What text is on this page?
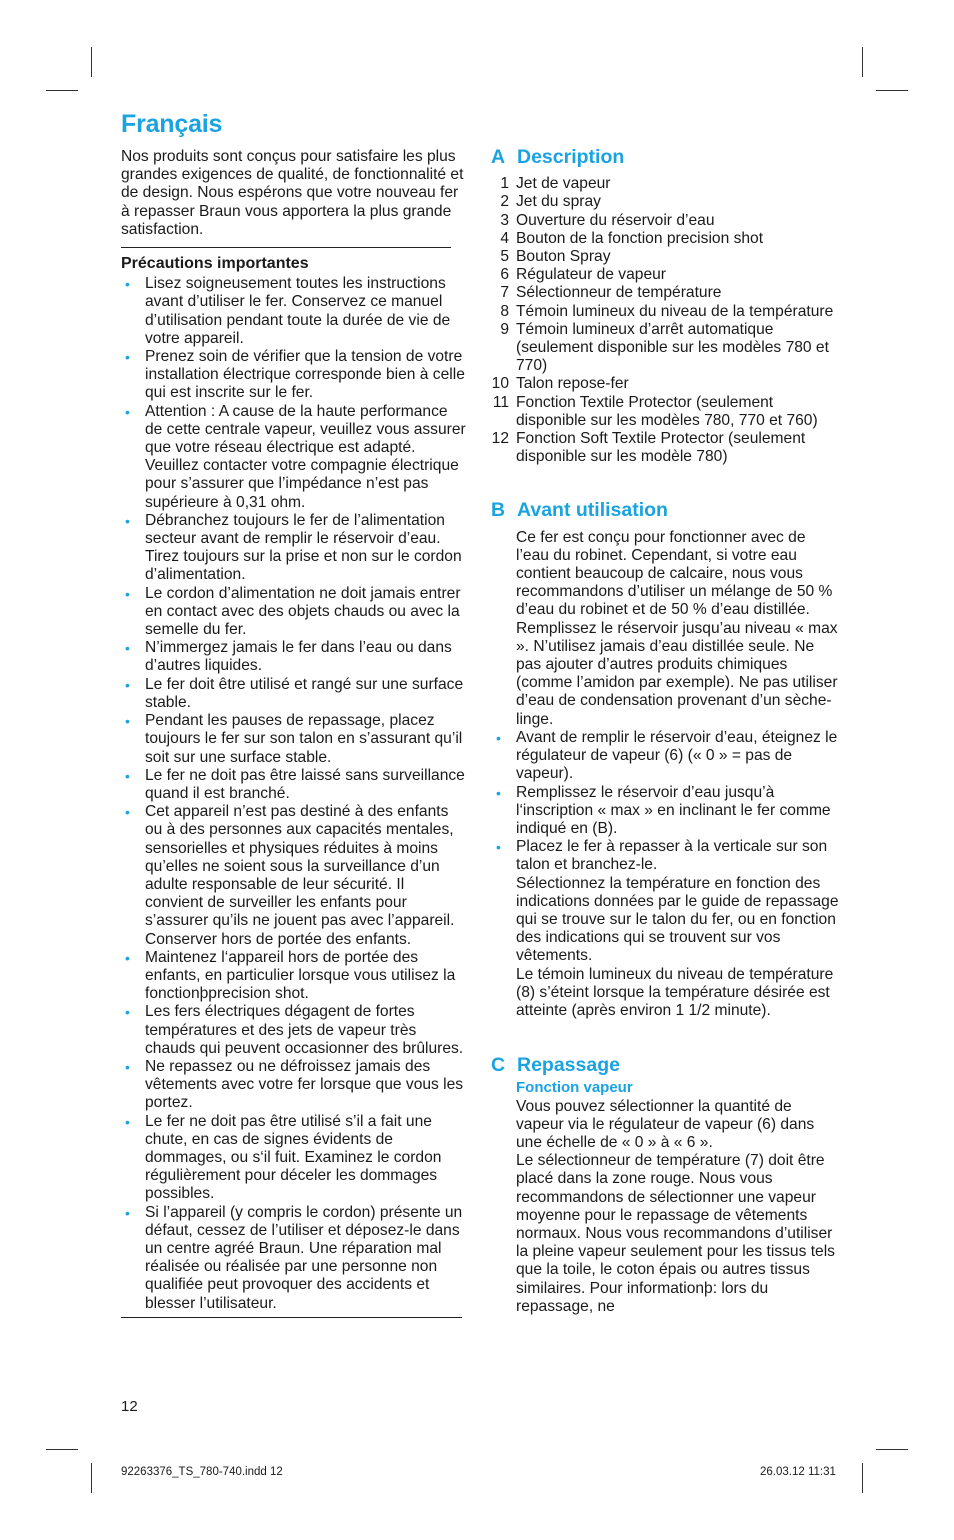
Français

Nos produits sont conçus pour satisfaire les plus grandes exigences de qualité, de fonctionnalité et de design. Nous espérons que votre nouveau fer à repasser Braun vous apportera la plus grande satisfaction.

Précautions importantes
• Lisez soigneusement toutes les instructions avant d’utiliser le fer. Conservez ce manuel d’utilisation pendant toute la durée de vie de votre appareil.
• Prenez soin de vérifier que la tension de votre installation électrique corresponde bien à celle qui est inscrite sur le fer.
• Attention : A cause de la haute performance de cette centrale vapeur, veuillez vous assurer que votre réseau électrique est adapté. Veuillez contacter votre compagnie électrique pour s’assurer que l’impédance n’est pas supérieure à 0,31 ohm.
• Débranchez toujours le fer de l’alimentation secteur avant de remplir le réservoir d’eau. Tirez toujours sur la prise et non sur le cordon d’alimentation.
• Le cordon d’alimentation ne doit jamais entrer en contact avec des objets chauds ou avec la semelle du fer.
• N’immergez jamais le fer dans l’eau ou dans d’autres liquides.
• Le fer doit être utilisé et rangé sur une surface stable.
• Pendant les pauses de repassage, placez toujours le fer sur son talon en s’assurant qu’il soit sur une surface stable.
• Le fer ne doit pas être laissé sans surveillance quand il est branché.
• Cet appareil n’est pas destiné à des enfants ou à des personnes aux capacités mentales, sensorielles et physiques réduites à moins qu’elles ne soient sous la surveillance d’un adulte responsable de leur sécurité. Il convient de surveiller les enfants pour s’assurer qu’ils ne jouent pas avec l’appareil. Conserver hors de portée des enfants.
• Maintenez l‘appareil hors de portée des enfants, en particulier lorsque vous utilisez la fonctionþprecision shot.
• Les fers électriques dégagent de fortes températures et des jets de vapeur très chauds qui peuvent occasionner des brûlures.
• Ne repassez ou ne défroissez jamais des vêtements avec votre fer lorsque que vous les portez.
• Le fer ne doit pas être utilisé s’il a fait une chute, en cas de signes évidents de dommages, ou s‘il fuit. Examinez le cordon régulièrement pour déceler les dommages possibles.
• Si l’appareil (y compris le cordon) présente un défaut, cessez de l’utiliser et déposez-le dans un centre agréé Braun. Une réparation mal réalisée ou réalisée par une personne non qualifiée peut provoquer des accidents et blesser l’utilisateur.
A Description
1 Jet de vapeur
2 Jet du spray
3 Ouverture du réservoir d’eau
4 Bouton de la fonction precision shot
5 Bouton Spray
6 Régulateur de vapeur
7 Sélectionneur de température
8 Témoin lumineux du niveau de la température
9 Témoin lumineux d’arrêt automatique (seulement disponible sur les modèles 780 et 770)
10 Talon repose-fer
11 Fonction Textile Protector (seulement disponible sur les modèles 780, 770 et 760)
12 Fonction Soft Textile Protector (seulement disponible sur les modèle 780)
B Avant utilisation

Ce fer est conçu pour fonctionner avec de l’eau du robinet. Cependant, si votre eau contient beaucoup de calcaire, nous vous recommandons d’utiliser un mélange de 50 % d’eau du robinet et de 50 % d’eau distillée. Remplissez le réservoir jusqu’au niveau « max ». N’utilisez jamais d’eau distillée seule. Ne pas ajouter d’autres produits chimiques (comme l’amidon par exemple). Ne pas utiliser d’eau de condensation provenant d’un sèche-linge.

• Avant de remplir le réservoir d’eau, éteignez le régulateur de vapeur (6) (« 0 » = pas de vapeur).
• Remplissez le réservoir d’eau jusqu’à l‘inscription « max » en inclinant le fer comme indiqué en (B).
• Placez le fer à repasser à la verticale sur son talon et branchez-le.

Sélectionnez la température en fonction des indications données par le guide de repassage qui se trouve sur le talon du fer, ou en fonction des indications qui se trouvent sur vos vêtements.

Le témoin lumineux du niveau de température (8) s’éteint lorsque la température désirée est atteinte (après environ 1 1/2 minute).

C Repassage
Fonction vapeur

Vous pouvez sélectionner la quantité de vapeur via le régulateur de vapeur (6) dans une échelle de « 0 » à « 6 ».

Le sélectionneur de température (7) doit être placé dans la zone rouge. Nous vous recommandons de sélectionner une vapeur moyenne pour le repassage de vêtements normaux. Nous vous recommandons d’utiliser la pleine vapeur seulement pour les tissus tels que la toile, le coton épais ou autres tissus similaires. Pour informationþ: lors du repassage, ne

12
92263376_TS_780-740.indd 12	26.03.12 11:31
